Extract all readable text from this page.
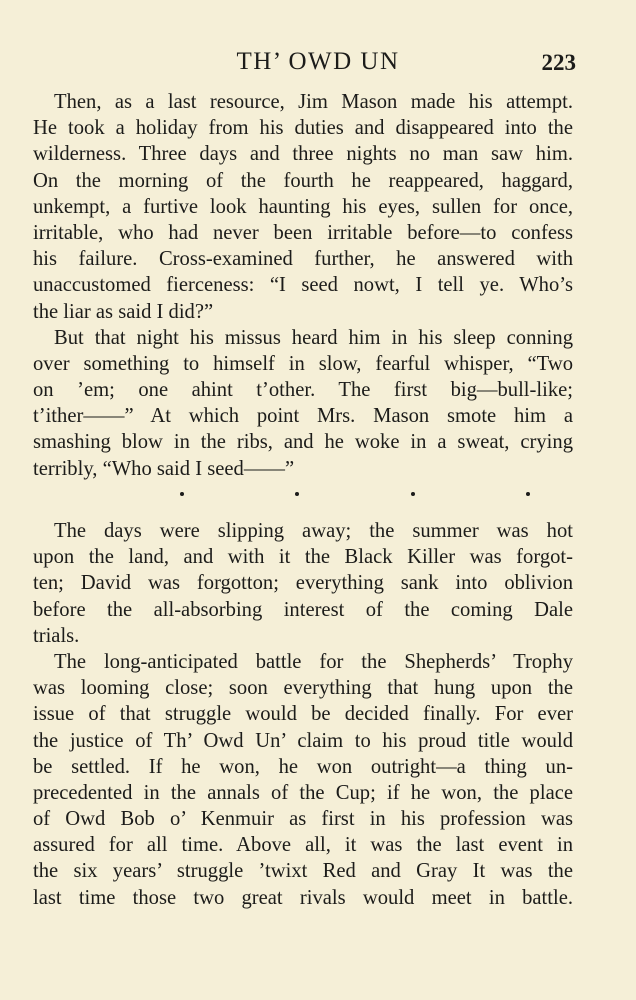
TH’ OWD UN	223
Then, as a last resource, Jim Mason made his attempt.
He took a holiday from his duties and disappeared into the
wilderness. Three days and three nights no man saw him.
On the morning of the fourth he reappeared, haggard,
unkempt, a furtive look haunting his eyes, sullen for once,
irritable, who had never been irritable before—to confess
his failure. Cross-examined further, he answered with
unaccustomed fierceness: “I seed nowt, I tell ye. Who’s
the liar as said I did?”
But that night his missus heard him in his sleep conning
over something to himself in slow, fearful whisper, “Two
on ’em; one ahint t’other. The first big—bull-like;
t’ither——” At which point Mrs. Mason smote him a
smashing blow in the ribs, and he woke in a sweat, crying
terribly, “Who said I seed——”
The days were slipping away; the summer was hot
upon the land, and with it the Black Killer was forgot-
ten; David was forgotton; everything sank into oblivion
before the all-absorbing interest of the coming Dale
trials.
The long-anticipated battle for the Shepherds’ Trophy
was looming close; soon everything that hung upon the
issue of that struggle would be decided finally. For ever
the justice of Th’ Owd Un’ claim to his proud title would
be settled. If he won, he won outright—a thing un-
precedented in the annals of the Cup; if he won, the place
of Owd Bob o’ Kenmuir as first in his profession was
assured for all time. Above all, it was the last event in
the six years’ struggle ’twixt Red and Gray It was the
last time those two great rivals would meet in battle.
